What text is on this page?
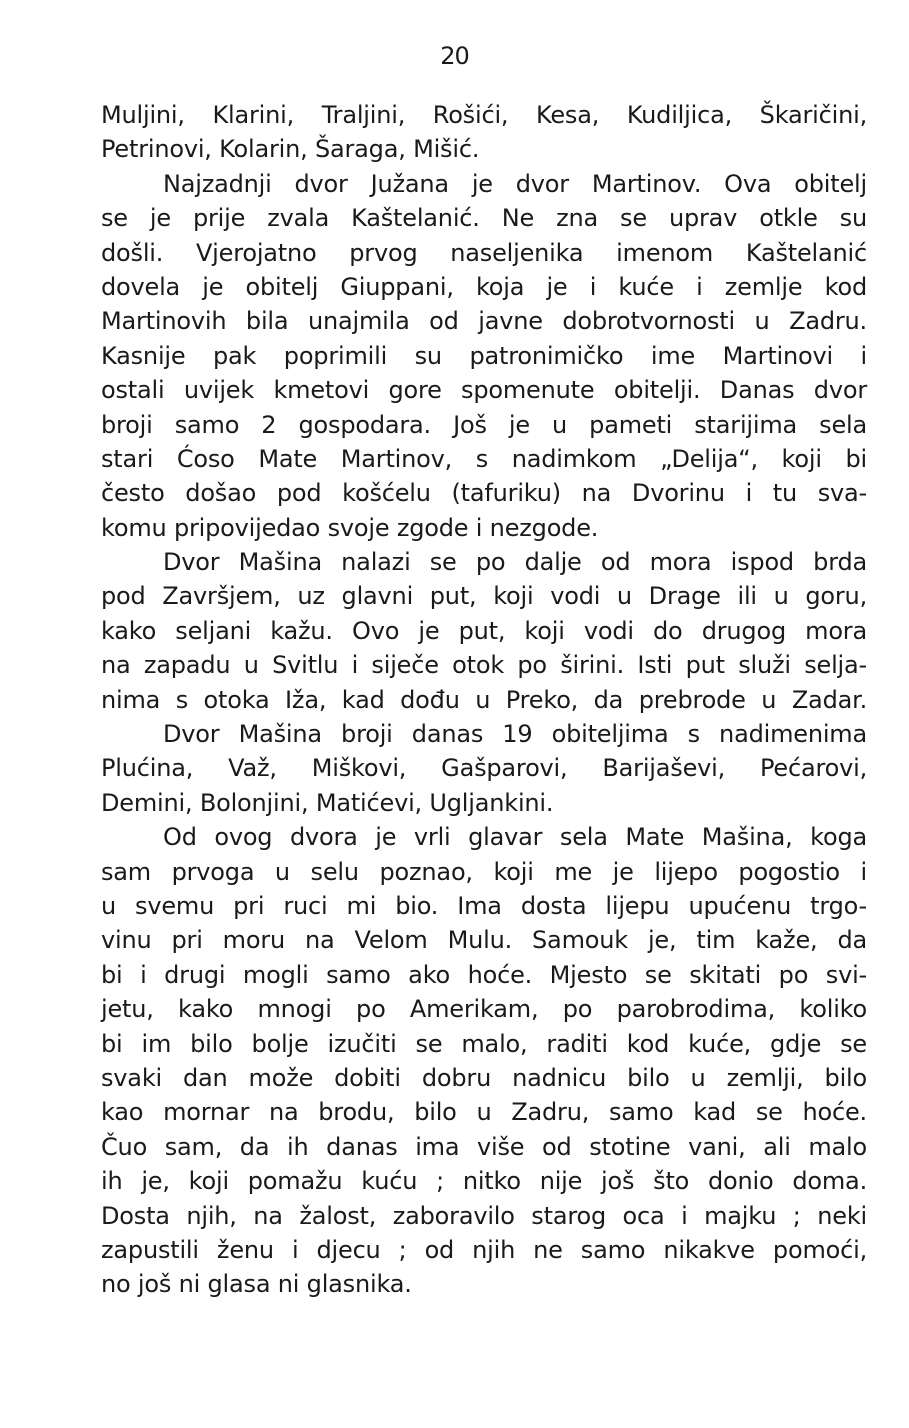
20
Muljini, Klarini, Traljini, Rošići, Kesa, Kudiljica, Škaričini,
Petrinovi, Kolarin, Šaraga, Mišić.
Najzadnji dvor Južana je dvor Martinov. Ova obitelj
se je prije zvala Kaštelanić. Ne zna se uprav otkle su
došli. Vjerojatno prvog naseljenika imenom Kaštelanić
dovela je obitelj Giuppani, koja je i kuće i zemlje kod
Martinovih bila unajmila od javne dobrotvornosti u Zadru.
Kasnije pak poprimili su patronimičko ime Martinovi i
ostali uvijek kmetovi gore spomenute obitelji. Danas dvor
broji samo 2 gospodara. Još je u pameti starijima sela
stari Ćoso Mate Martinov, s nadimkom „Delija“, koji bi
često došao pod košćelu (tafuriku) na Dvorinu i tu sva-
komu pripovijedao svoje zgode i nezgode.
Dvor Mašina nalazi se po dalje od mora ispod brda
pod Završjem, uz glavni put, koji vodi u Drage ili u goru,
kako seljani kažu. Ovo je put, koji vodi do drugog mora
na zapadu u Svitlu i siječe otok po širini. Isti put služi selja-
nima s otoka Iža, kad dođu u Preko, da prebrode u Zadar.
Dvor Mašina broji danas 19 obiteljima s nadimenima
Plućina, Važ, Miškovi, Gašparovi, Barijaševi, Pećarovi,
Demini, Bolonjini, Matićevi, Ugljankini.
Od ovog dvora je vrli glavar sela Mate Mašina, koga
sam prvoga u selu poznao, koji me je lijepo pogostio i
u svemu pri ruci mi bio. Ima dosta lijepu upućenu trgo-
vinu pri moru na Velom Mulu. Samouk je, tim kaže, da
bi i drugi mogli samo ako hoće. Mjesto se skitati po svi-
jetu, kako mnogi po Amerikam, po parobrodima, koliko
bi im bilo bolje izučiti se malo, raditi kod kuće, gdje se
svaki dan može dobiti dobru nadnicu bilo u zemlji, bilo
kao mornar na brodu, bilo u Zadru, samo kad se hoće.
Čuo sam, da ih danas ima više od stotine vani, ali malo
ih je, koji pomažu kuću ; nitko nije još što donio doma.
Dosta njih, na žalost, zaboravilo starog oca i majku ; neki
zapustili ženu i djecu ; od njih ne samo nikakve pomoći,
no još ni glasa ni glasnika.
